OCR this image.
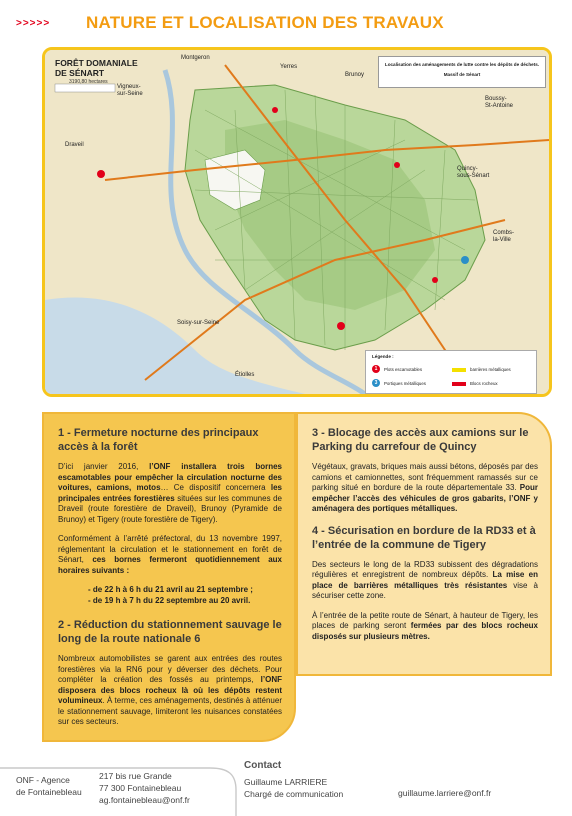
>>>>> NATURE ET LOCALISATION DES TRAVAUX
FORÊT DOMANIALE
DE SÉNART
3190,80 hectares
Localisation des aménagements de lutte contre les dépôts de déchets.
Massif de Sénart
Montgeron
Yerres
Brunoy
Vigneux-
sur-Seine
Boussy-
St-Antoine
Draveil
Quincy-
sous-Sénart
Combs-
la-Ville
Soisy-sur-Seine
Étiolles
Légende :
1	Plots escamotables
3	Portiques métalliques
barrières métalliques
Blocs rocheux
1 - Fermeture nocturne des principaux accès à la forêt
D’ici janvier 2016, l’ONF installera trois bornes escamotables pour empêcher la circulation nocturne des voitures, camions, motos… Ce dispositif concernera les principales entrées forestières situées sur les communes de Draveil (route forestière de Draveil), Brunoy (Pyramide de Brunoy) et Tigery (route forestière de Tigery).
Conformément à l’arrêté préfectoral, du 13 novembre 1997, réglementant la circulation et le stationnement en forêt de Sénart, ces bornes fermeront quotidiennement aux horaires suivants :
- de 22 h à 6 h du 21 avril au 21 septembre ;
- de 19 h à 7 h du 22 septembre au 20 avril.
2 - Réduction du stationnement sauvage le long de la route nationale 6
Nombreux automobilistes se garent aux entrées des routes forestières via la RN6 pour y déverser des déchets. Pour compléter la création des fossés au printemps, l’ONF disposera des blocs rocheux là où les dépôts restent volumineux. À terme, ces aménagements, destinés à atténuer le stationnement sauvage, limiteront les nuisances constatées sur ces secteurs.
3 - Blocage des accès aux camions sur le Parking du carrefour de Quincy
Végétaux, gravats, briques mais aussi bétons, déposés par des camions et camionnettes, sont fréquemment ramassés sur ce parking situé en bordure de la route départementale 33. Pour empêcher l’accès des véhicules de gros gabarits, l’ONF y aménagera des portiques métalliques.
4 - Sécurisation en bordure de la RD33 et à l’entrée de la commune de Tigery
Des secteurs le long de la RD33 subissent des dégradations régulières et enregistrent de nombreux dépôts. La mise en place de barrières métalliques très résistantes vise à sécuriser cette zone.
À l’entrée de la petite route de Sénart, à hauteur de Tigery, les places de parking seront fermées par des blocs rocheux disposés sur plusieurs mètres.
ONF - Agence
de Fontainebleau
217 bis rue Grande
77 300 Fontainebleau
ag.fontainebleau@onf.fr
Contact
Guillaume LARRIERE
Chargé de communication	guillaume.larriere@onf.fr
